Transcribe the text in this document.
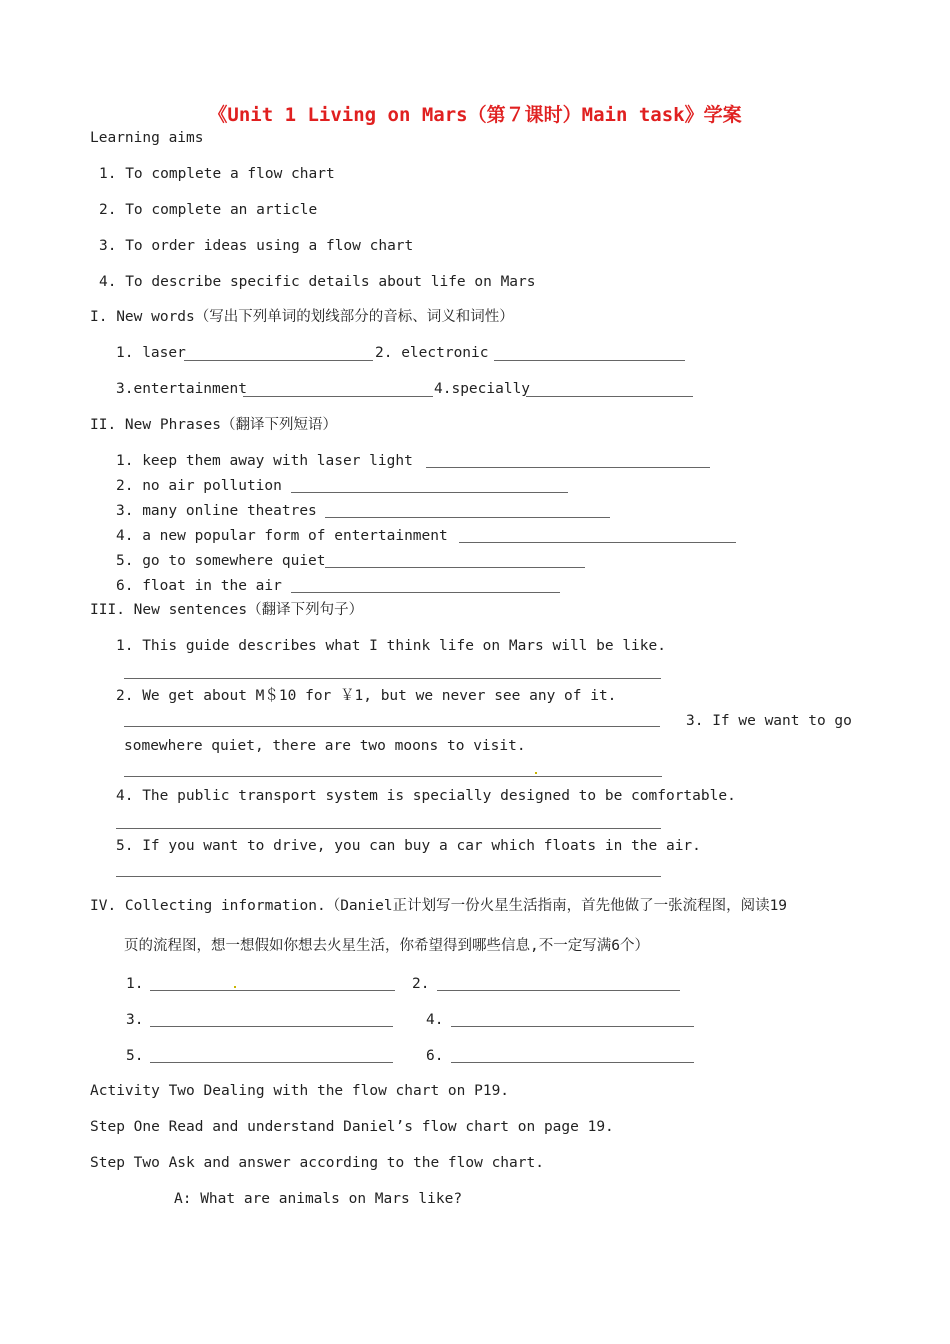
《Unit 1 Living on Mars（第７课时）Main task》学案
Learning aims
1. To complete a flow chart
2. To complete an article
3. To order ideas using a flow chart
4. To describe specific details about life on Mars
I. New words（写出下列单词的划线部分的音标、词义和词性）
1. laser	2. electronic
3.entertainment	4.specially
II. New Phrases（翻译下列短语）
1. keep them away with laser light
2. no air pollution
3. many online theatres
4. a new popular form of entertainment
5. go to somewhere quiet
6. float in the air
III. New sentences（翻译下列句子）
1. This guide describes what I think life on Mars will be like.
2. We get about M＄10 for ￥1, but we never see any of it.
3. If we want to go
somewhere quiet, there are two moons to visit.
4. The public transport system is specially designed to be comfortable.
5. If you want to drive, you can buy a car which floats in the air.
IV. Collecting information.（Daniel正计划写一份火星生活指南，首先他做了一张流程图，阅读19
页的流程图，想一想假如你想去火星生活，你希望得到哪些信息,不一定写满6个）
1.	2.
3.	4.
5.	6.
Activity Two Dealing with the flow chart on P19.
Step One Read and understand Daniel’s flow chart on page 19.
Step Two Ask and answer according to the flow chart.
A: What are animals on Mars like?
